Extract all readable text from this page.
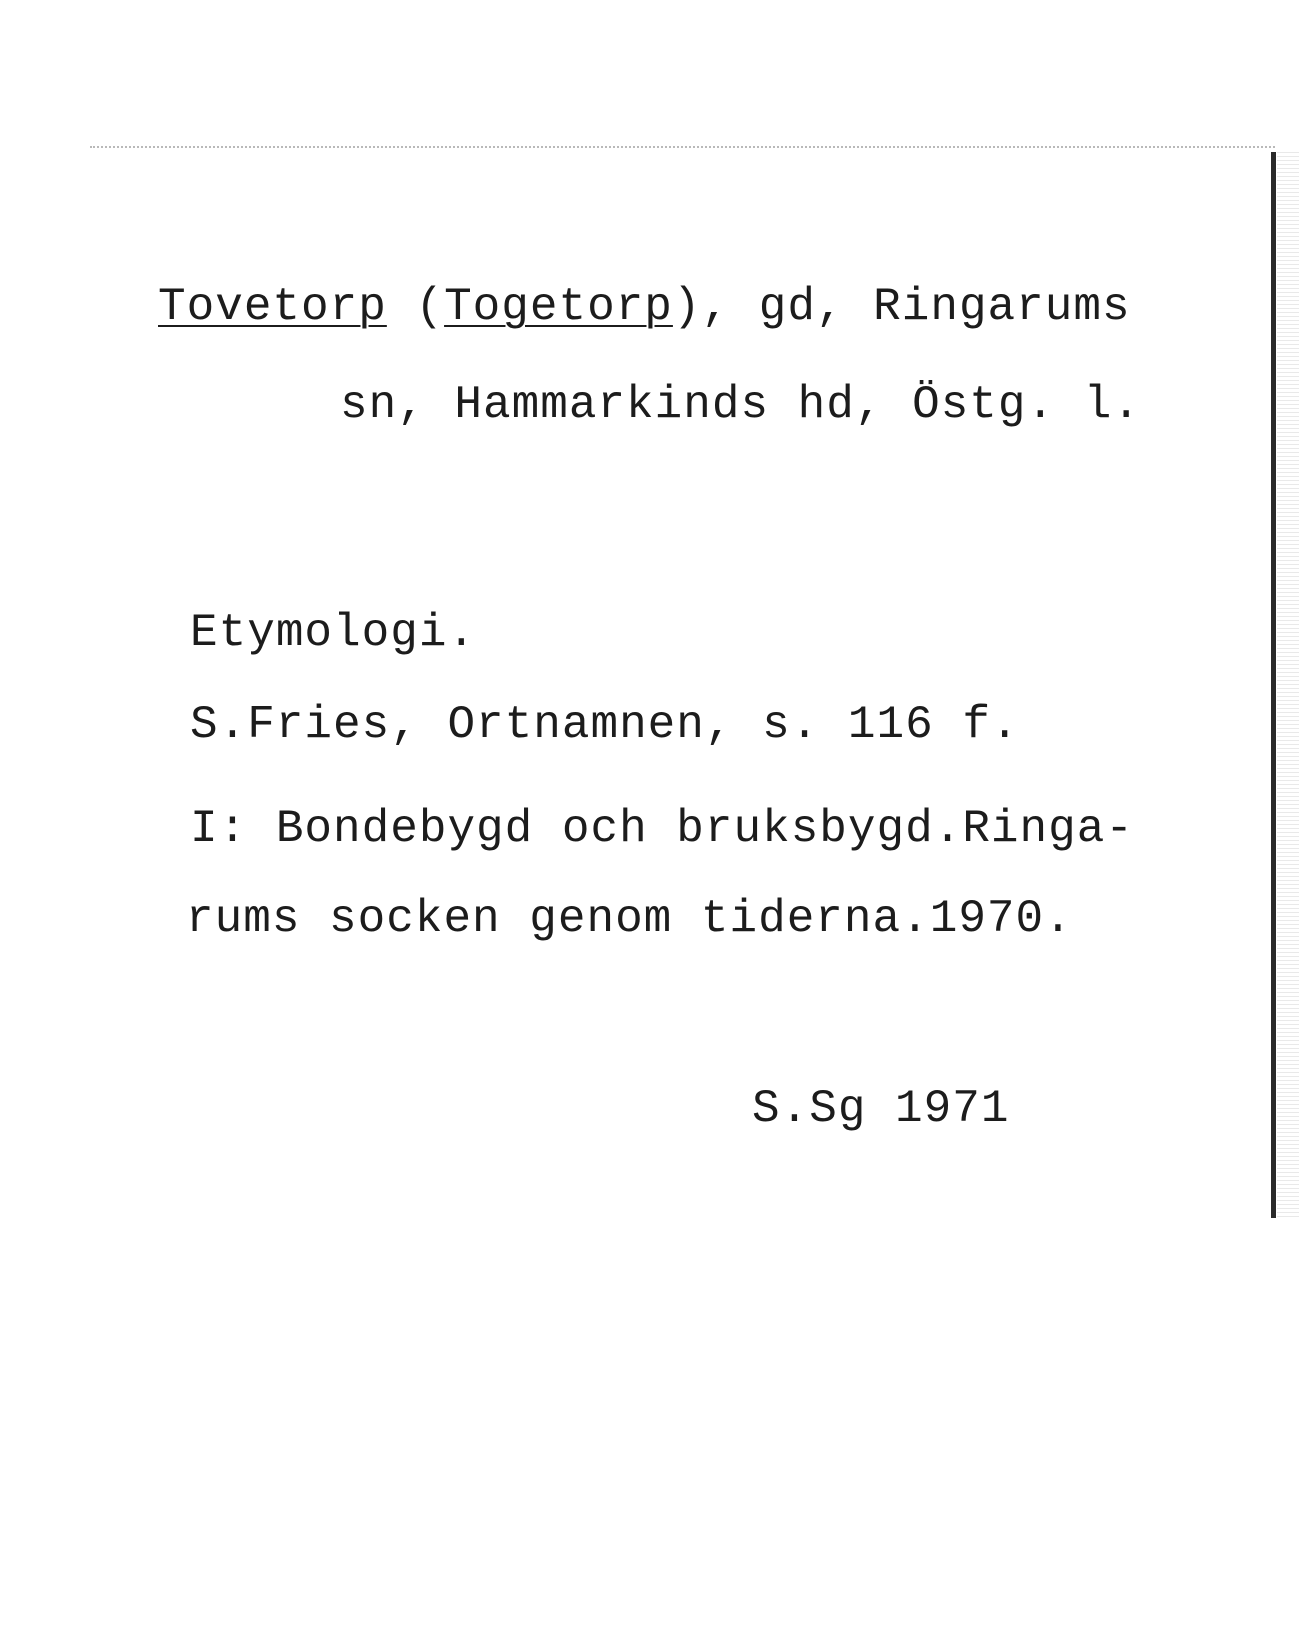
Tovetorp (Togetorp), gd, Ringarums
sn, Hammarkinds hd, Östg. l.
Etymologi.
S.Fries, Ortnamnen, s. 116 f.
I: Bondebygd och bruksbygd.Ringa-
rums socken genom tiderna.1970.
S.Sg 1971
